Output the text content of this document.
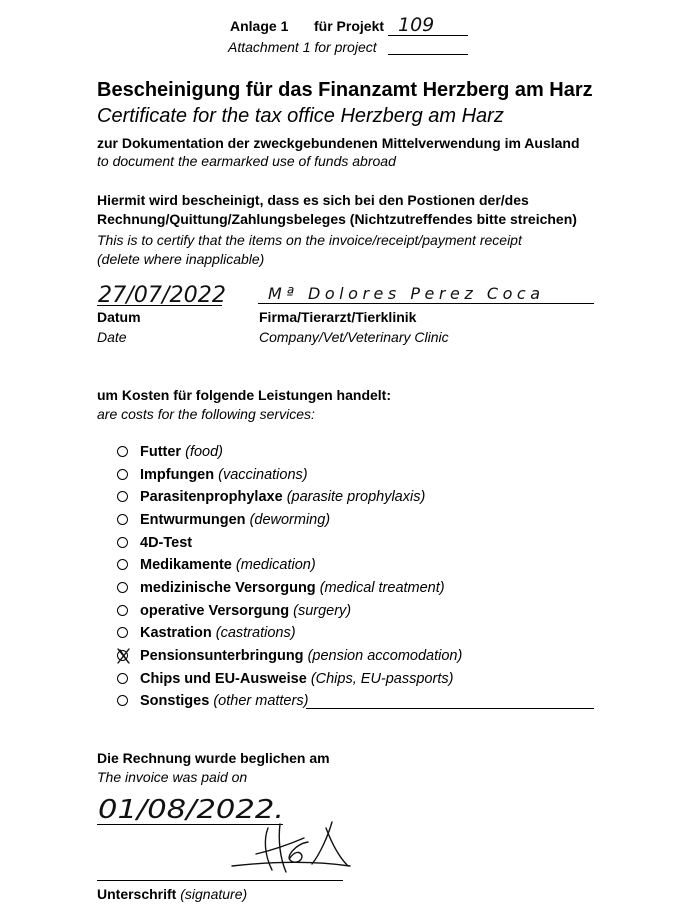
Anlage 1 für Projekt 109
Attachment 1 for project
Bescheinigung für das Finanzamt Herzberg am Harz
Certificate for the tax office Herzberg am Harz
zur Dokumentation der zweckgebundenen Mittelverwendung im Ausland
to document the earmarked use of funds abroad
Hiermit wird bescheinigt, dass es sich bei den Postionen der/des
Rechnung/Quittung/Zahlungsbeleges (Nichtzutreffendes bitte streichen)
This is to certify that the items on the invoice/receipt/payment receipt
(delete where inapplicable)
27/07/2022	Mª Dolores Perez Coca
Datum
Date
Firma/Tierarzt/Tierklinik
Company/Vet/Veterinary Clinic
um Kosten für folgende Leistungen handelt:
are costs for the following services:
Futter (food)
Impfungen (vaccinations)
Parasitenprophylaxe (parasite prophylaxis)
Entwurmungen (deworming)
4D-Test
Medikamente (medication)
medizinische Versorgung (medical treatment)
operative Versorgung (surgery)
Kastration (castrations)
Pensionsunterbringung (pension accomodation)
Chips und EU-Ausweise (Chips, EU-passports)
Sonstiges (other matters)
Die Rechnung wurde beglichen am
The invoice was paid on
01/08/2022.
Unterschrift (signature)
